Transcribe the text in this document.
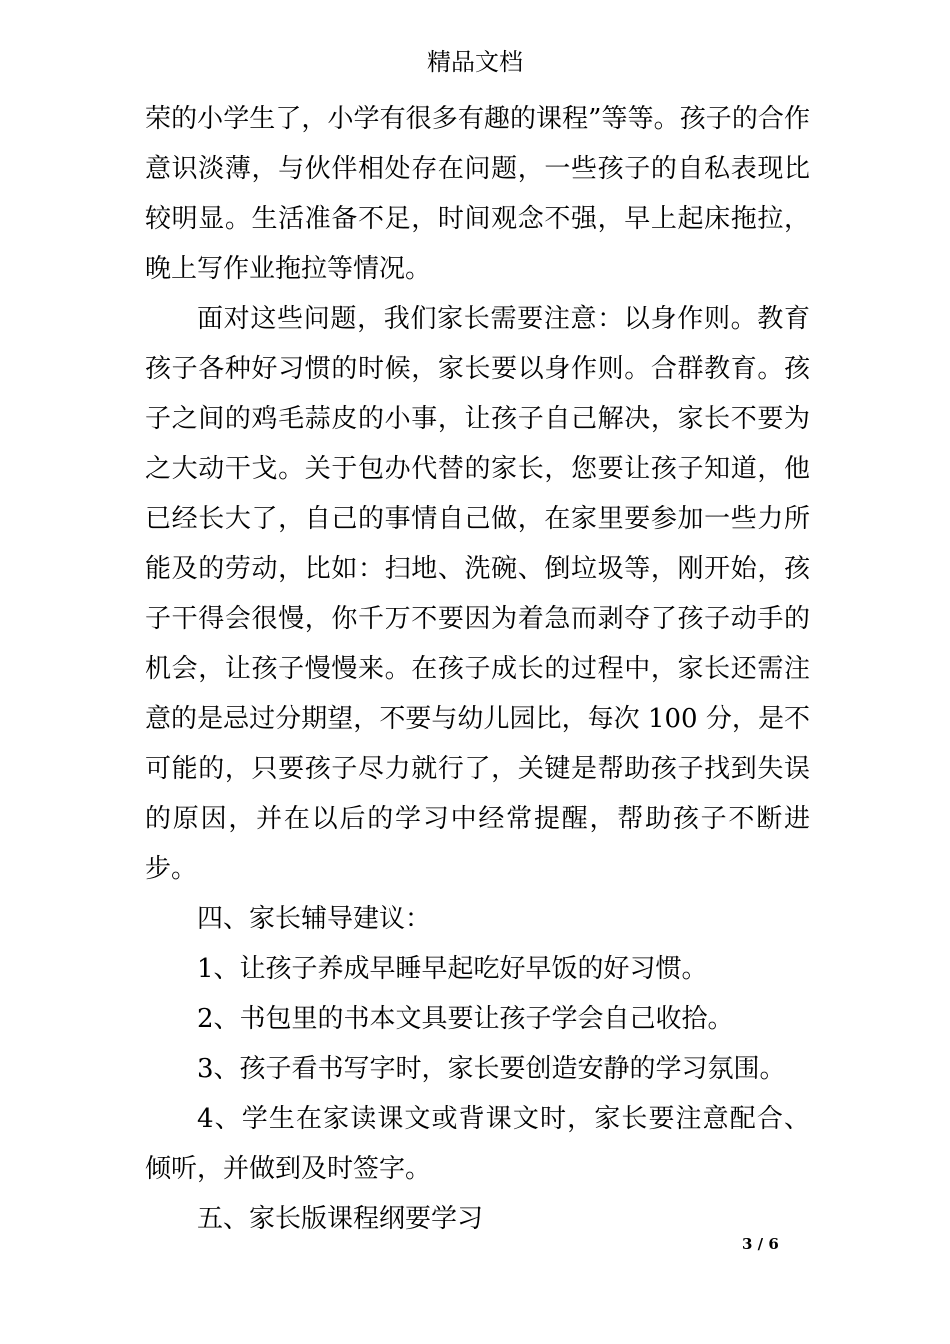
精品文档

荣的小学生了，小学有很多有趣的课程”等等。孩子的合作意识淡薄，与伙伴相处存在问题，一些孩子的自私表现比较明显。生活准备不足，时间观念不强，早上起床拖拉，晚上写作业拖拉等情况。

面对这些问题，我们家长需要注意：以身作则。教育孩子各种好习惯的时候，家长要以身作则。合群教育。孩子之间的鸡毛蒜皮的小事，让孩子自己解决，家长不要为之大动干戈。关于包办代替的家长，您要让孩子知道，他已经长大了，自己的事情自己做，在家里要参加一些力所能及的劳动，比如：扫地、洗碗、倒垃圾等，刚开始，孩子干得会很慢，你千万不要因为着急而剥夺了孩子动手的机会，让孩子慢慢来。在孩子成长的过程中，家长还需注意的是忌过分期望，不要与幼儿园比，每次 100 分，是不可能的，只要孩子尽力就行了，关键是帮助孩子找到失误的原因，并在以后的学习中经常提醒，帮助孩子不断进步。

四、家长辅导建议：

1、让孩子养成早睡早起吃好早饭的好习惯。

2、书包里的书本文具要让孩子学会自己收拾。

3、孩子看书写字时，家长要创造安静的学习氛围。

4、学生在家读课文或背课文时，家长要注意配合、倾听，并做到及时签字。

五、家长版课程纲要学习

3 / 6
